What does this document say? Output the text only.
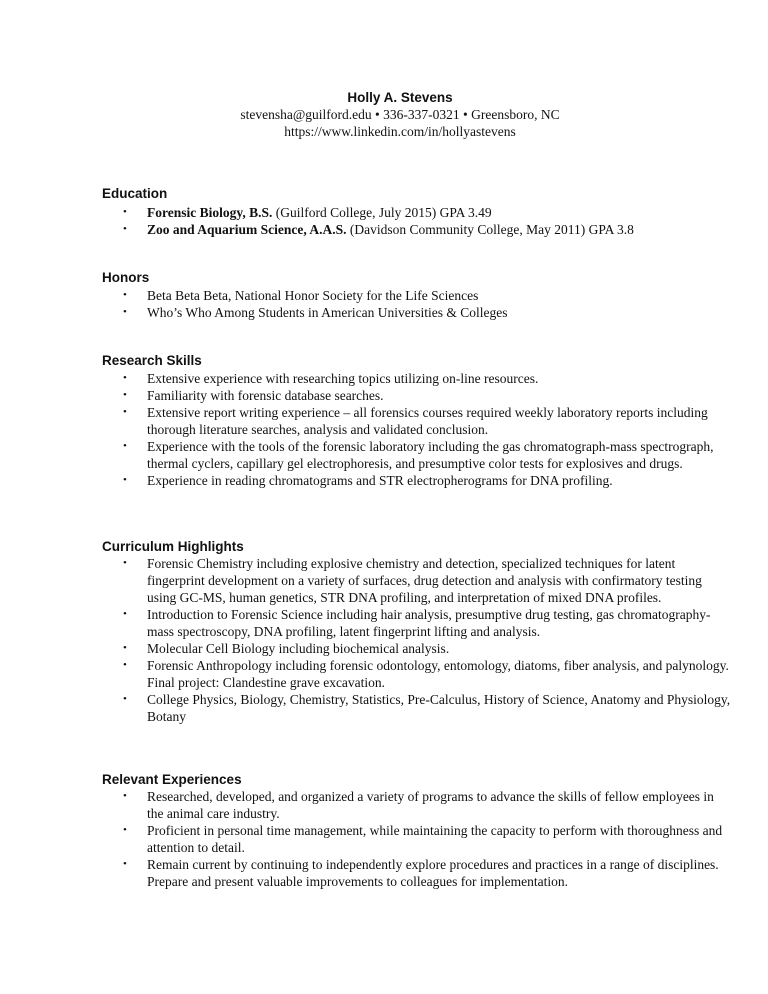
Holly A. Stevens

stevensha@guilford.edu • 336-337-0321 • Greensboro, NC

https://www.linkedin.com/in/hollyastevens

Education

• Forensic Biology, B.S. (Guilford College, July 2015) GPA 3.49
• Zoo and Aquarium Science, A.A.S. (Davidson Community College, May 2011) GPA 3.8

Honors

• Beta Beta Beta, National Honor Society for the Life Sciences
• Who’s Who Among Students in American Universities & Colleges

Research Skills

• Extensive experience with researching topics utilizing on-line resources.
• Familiarity with forensic database searches.
• Extensive report writing experience – all forensics courses required weekly laboratory reports including thorough literature searches, analysis and validated conclusion.
• Experience with the tools of the forensic laboratory including the gas chromatograph-mass spectrograph, thermal cyclers, capillary gel electrophoresis, and presumptive color tests for explosives and drugs.
• Experience in reading chromatograms and STR electropherograms for DNA profiling.

Curriculum Highlights

• Forensic Chemistry including explosive chemistry and detection, specialized techniques for latent fingerprint development on a variety of surfaces, drug detection and analysis with confirmatory testing using GC-MS, human genetics, STR DNA profiling, and interpretation of mixed DNA profiles.
• Introduction to Forensic Science including hair analysis, presumptive drug testing, gas chromatography-mass spectroscopy, DNA profiling, latent fingerprint lifting and analysis.
• Molecular Cell Biology including biochemical analysis.
• Forensic Anthropology including forensic odontology, entomology, diatoms, fiber analysis, and palynology. Final project: Clandestine grave excavation.
• College Physics, Biology, Chemistry, Statistics, Pre-Calculus, History of Science, Anatomy and Physiology, Botany

Relevant Experiences

• Researched, developed, and organized a variety of programs to advance the skills of fellow employees in the animal care industry.
• Proficient in personal time management, while maintaining the capacity to perform with thoroughness and attention to detail.
• Remain current by continuing to independently explore procedures and practices in a range of disciplines. Prepare and present valuable improvements to colleagues for implementation.
